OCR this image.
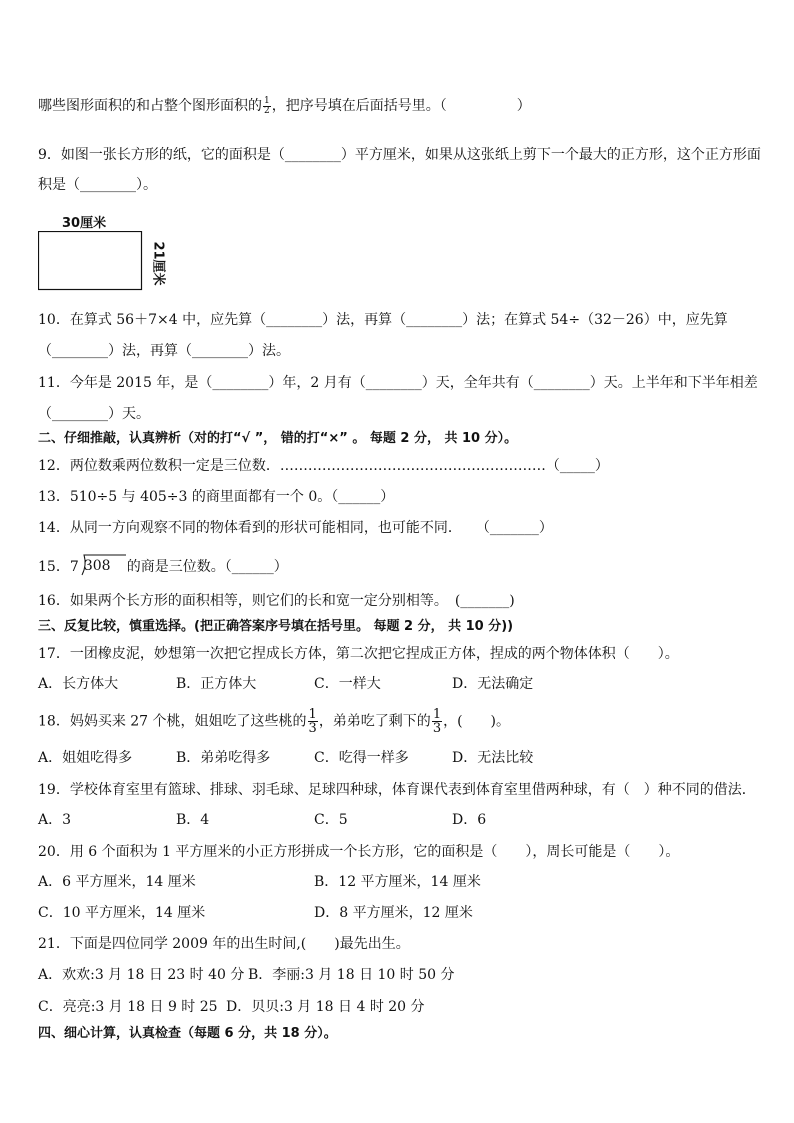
哪些图形面积的和占整个图形面积的 $\frac{1}{2}$ ，把序号填在后面括号里。（　　　　　）
9．如图一张长方形的纸，它的面积是（________）平方厘米，如果从这张纸上剪下一个最大的正方形，这个正方形面
积是（________）。
30厘米
21厘米
10．在算式 56＋7×4 中，应先算（________）法，再算（________）法；在算式 54÷（32－26）中，应先算
（________）法，再算（________）法。
11．今年是 2015 年，是（________）年，2 月有（________）天，全年共有（________）天。上半年和下半年相差
（________）天。
二、仔细推敲，认真辨析（对的打“√ ”， 错的打“×” 。 每题 2 分， 共 10 分）。
12．两位数乘两位数积一定是三位数．…………………………………………………（_____）
13．510÷5 与 405÷3 的商里面都有一个 0。（______）
14．从同一方向观察不同的物体看到的形状可能相同，也可能不同．　　（_______）
15．7 308 的商是三位数。（______）
16．如果两个长方形的面积相等，则它们的长和宽一定分别相等。　(_______)
三、反复比较，慎重选择。(把正确答案序号填在括号里。 每题 2 分， 共 10 分))
17．一团橡皮泥，妙想第一次把它捏成长方体，第二次把它捏成正方体，捏成的两个物体体积（　　）。
A．长方体大	B．正方体大	C．一样大	D．无法确定
18．妈妈买来 27 个桃，姐姐吃了这些桃的 $\frac{1}{3}$ ，弟弟吃了剩下的 $\frac{1}{3}$ ，(　　)。
A．姐姐吃得多	B．弟弟吃得多	C．吃得一样多	D．无法比较
19．学校体育室里有篮球、排球、羽毛球、足球四种球，体育课代表到体育室里借两种球，有（　）种不同的借法．
A．3	B．4	C．5	D．6
20．用 6 个面积为 1 平方厘米的小正方形拼成一个长方形，它的面积是（　　），周长可能是（　　）。
A．6 平方厘米，14 厘米	B．12 平方厘米，14 厘米
C．10 平方厘米，14 厘米	D．8 平方厘米，12 厘米
21．下面是四位同学 2009 年的出生时间,(　　)最先出生。
A．欢欢:3 月 18 日 23 时 40 分 B．李丽:3 月 18 日 10 时 50 分
C．亮亮:3 月 18 日 9 时 25 D．贝贝:3 月 18 日 4 时 20 分
四、细心计算，认真检查（每题 6 分，共 18 分）。
